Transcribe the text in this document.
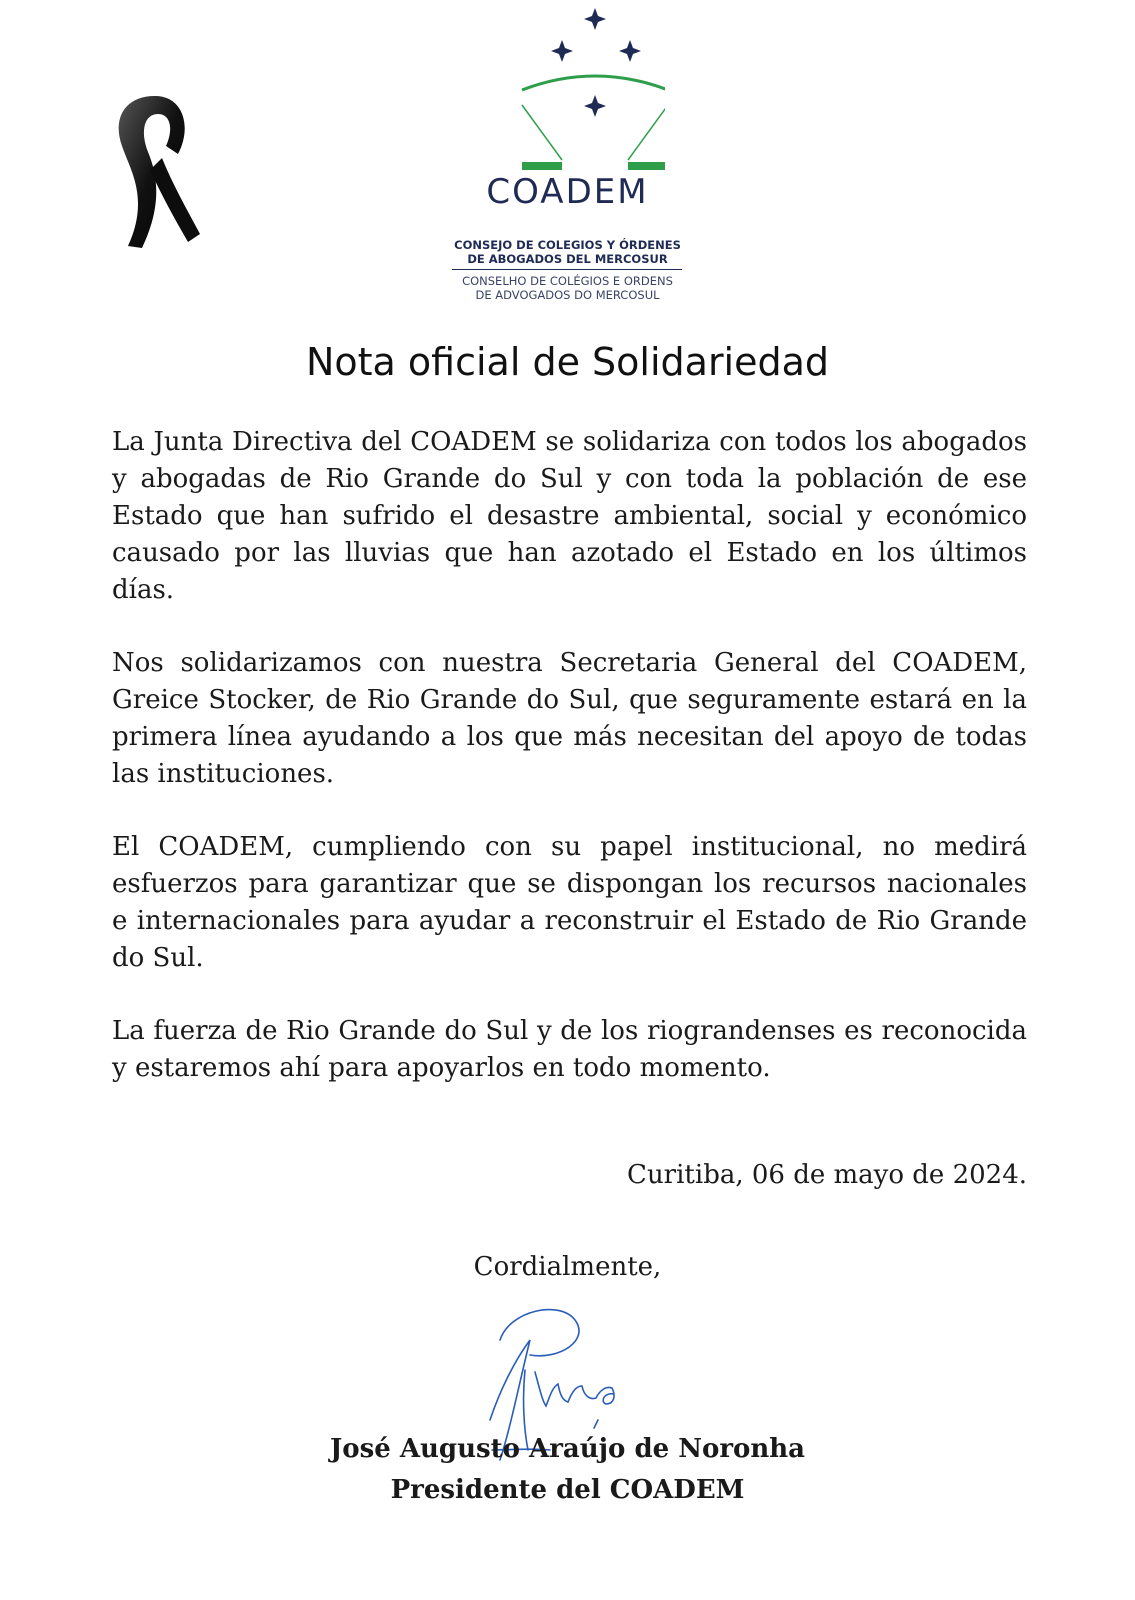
COADEM
CONSEJO DE COLEGIOS Y ÓRDENES
DE ABOGADOS DEL MERCOSUR
CONSELHO DE COLÉGIOS E ORDENS
DE ADVOGADOS DO MERCOSUL
Nota oficial de Solidariedad

La Junta Directiva del COADEM se solidariza con todos los abogados y abogadas de Rio Grande do Sul y con toda la población de ese Estado que han sufrido el desastre ambiental, social y económico causado por las lluvias que han azotado el Estado en los últimos días.

Nos solidarizamos con nuestra Secretaria General del COADEM, Greice Stocker, de Rio Grande do Sul, que seguramente estará en la primera línea ayudando a los que más necesitan del apoyo de todas las instituciones.

El COADEM, cumpliendo con su papel institucional, no medirá esfuerzos para garantizar que se dispongan los recursos nacionales e internacionales para ayudar a reconstruir el Estado de Rio Grande do Sul.

La fuerza de Rio Grande do Sul y de los riograndenses es reconocida y estaremos ahí para apoyarlos en todo momento.

Curitiba, 06 de mayo de 2024.
Cordialmente,
José Augusto Araújo de Noronha
Presidente del COADEM
